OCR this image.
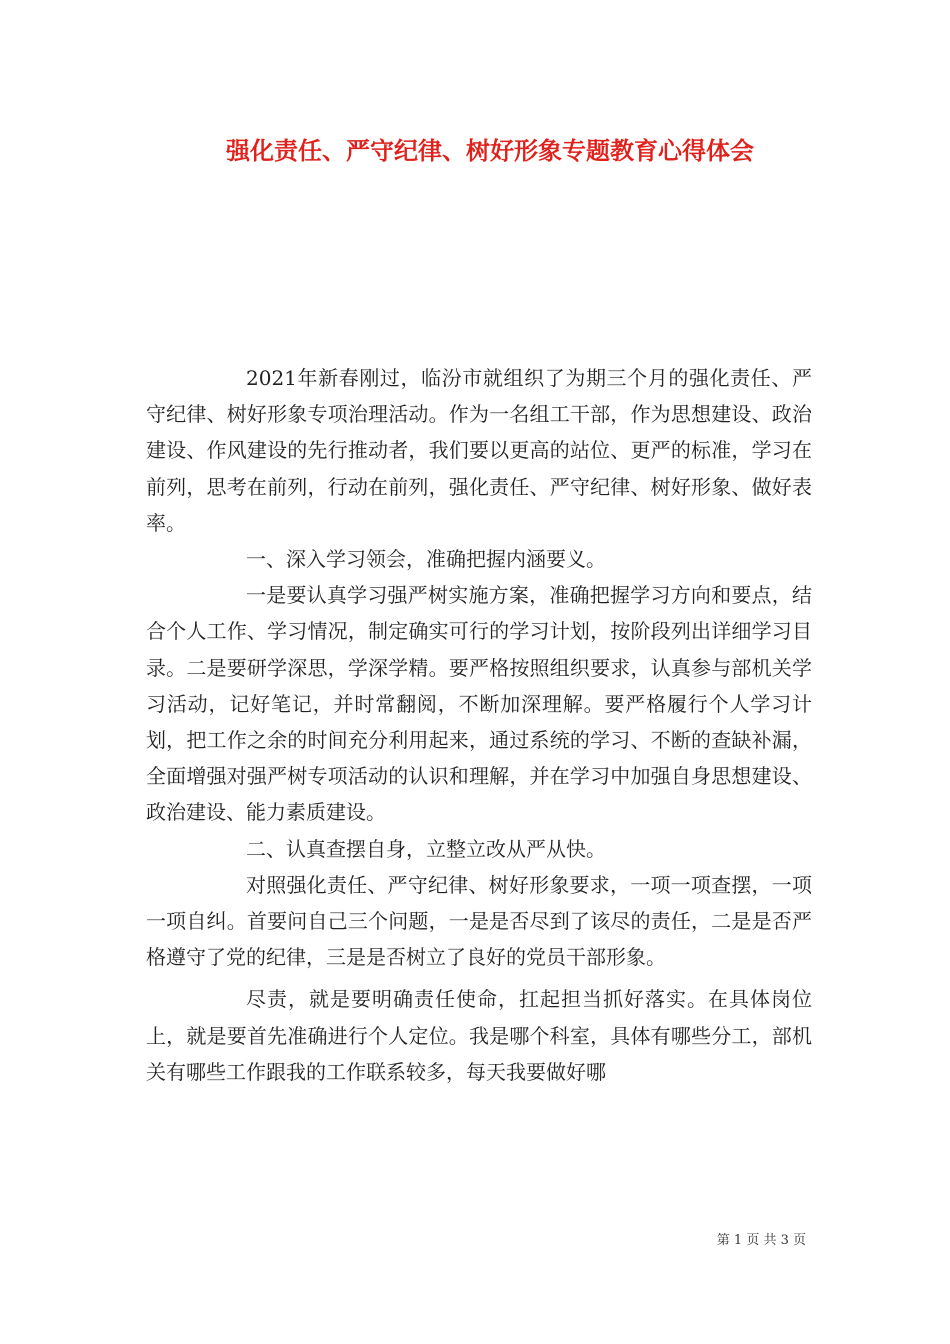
强化责任、严守纪律、树好形象专题教育心得体会

2021年新春刚过，临汾市就组织了为期三个月的强化责任、严守纪律、树好形象专项治理活动。作为一名组工干部，作为思想建设、政治建设、作风建设的先行推动者，我们要以更高的站位、更严的标准，学习在前列，思考在前列，行动在前列，强化责任、严守纪律、树好形象、做好表率。

一、深入学习领会，准确把握内涵要义。

一是要认真学习强严树实施方案，准确把握学习方向和要点，结合个人工作、学习情况，制定确实可行的学习计划，按阶段列出详细学习目录。二是要研学深思，学深学精。要严格按照组织要求，认真参与部机关学习活动，记好笔记，并时常翻阅，不断加深理解。要严格履行个人学习计划，把工作之余的时间充分利用起来，通过系统的学习、不断的查缺补漏，全面增强对强严树专项活动的认识和理解，并在学习中加强自身思想建设、政治建设、能力素质建设。

二、认真查摆自身，立整立改从严从快。

对照强化责任、严守纪律、树好形象要求，一项一项查摆，一项一项自纠。首要问自己三个问题，一是是否尽到了该尽的责任，二是是否严格遵守了党的纪律，三是是否树立了良好的党员干部形象。

尽责，就是要明确责任使命，扛起担当抓好落实。在具体岗位上，就是要首先准确进行个人定位。我是哪个科室，具体有哪些分工，部机关有哪些工作跟我的工作联系较多，每天我要做好哪

第 1 页 共 3 页
